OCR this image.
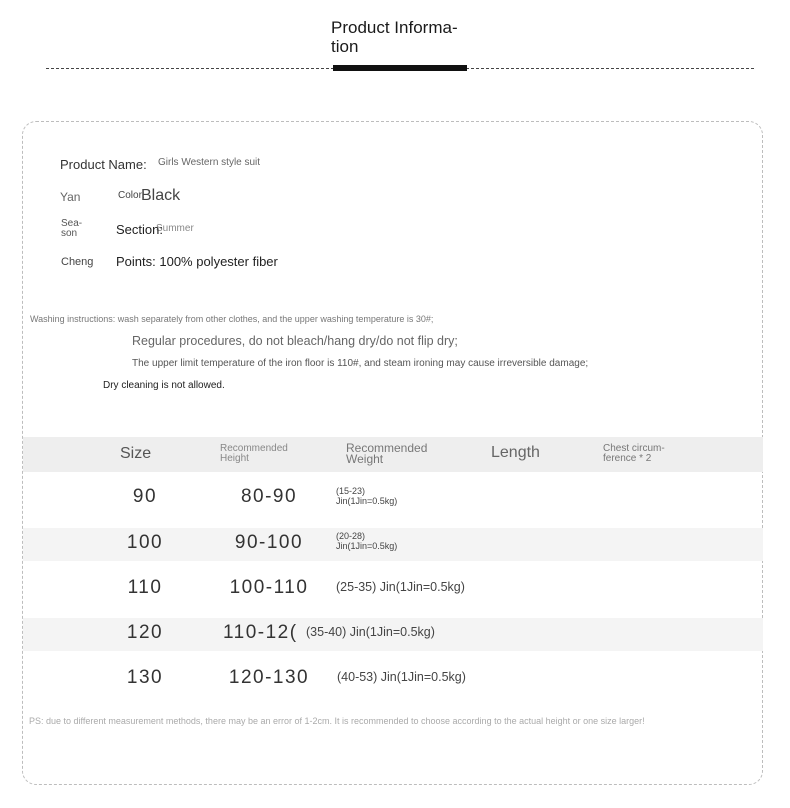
Product Informa-
tion
Product Name: Girls Western style suit
Yan	Color:
Black
Sea-
son	Summer
Section:
Cheng Points: 100% polyester fiber
Washing instructions: wash separately from other clothes, and the upper washing temperature is 30#;
Regular procedures, do not bleach/hang dry/do not flip dry;
The upper limit temperature of the iron floor is 110#, and steam ironing may cause irreversible damage;
Dry cleaning is not allowed.
Size	Recommended
Height
Recommended
Weight	Length	Chest circum-
ference * 2
90	80-90	(15-23)
Jin(1Jin=0.5kg)
100	90-100	(20-28)
Jin(1Jin=0.5kg)
110	100-110	(25-35) Jin(1Jin=0.5kg)
120	110-12( (35-40) Jin(1Jin=0.5kg)
130	120-130	(40-53) Jin(1Jin=0.5kg)
PS: due to different measurement methods, there may be an error of 1-2cm. It is recommended to choose according to the actual height or one size larger!
